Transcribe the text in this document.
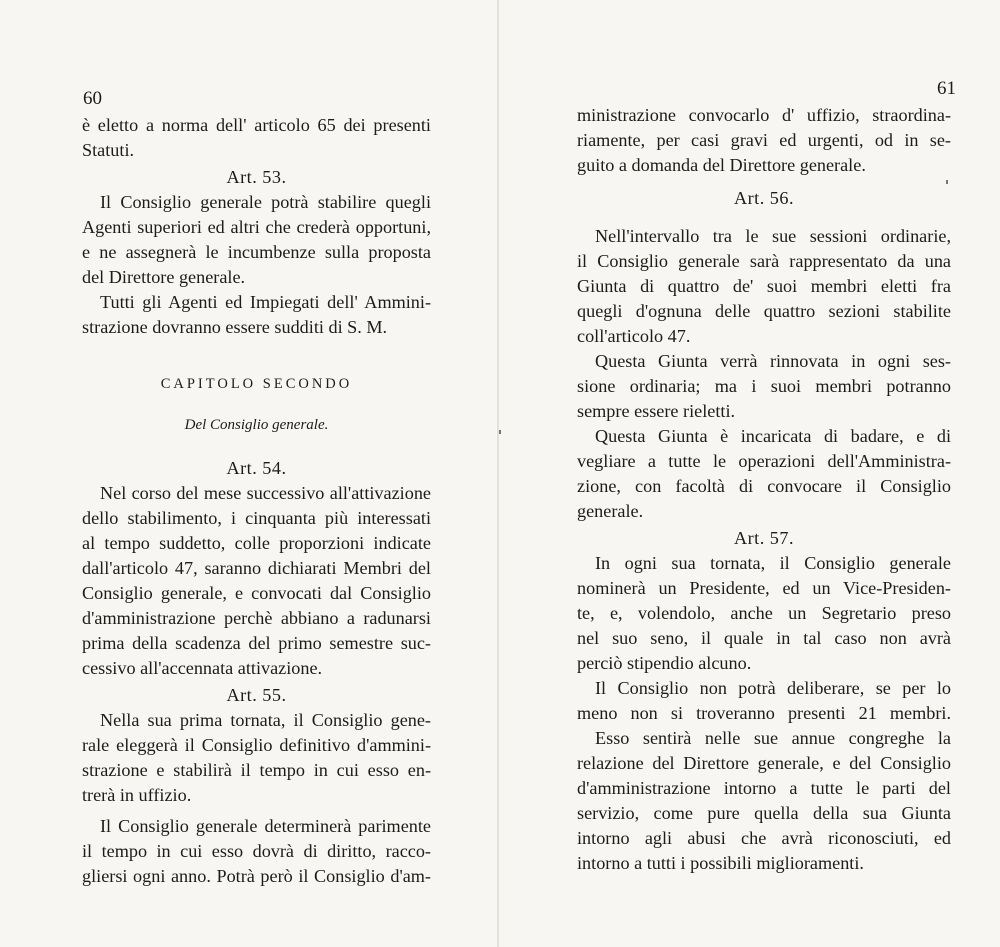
60
è eletto a norma dell' articolo 65 dei presenti
Statuti.
Art. 53.
Il Consiglio generale potrà stabilire quegli
Agenti superiori ed altri che crederà opportuni,
e ne assegnerà le incumbenze sulla proposta
del Direttore generale.
Tutti gli Agenti ed Impiegati dell' Ammini-
strazione dovranno essere sudditi di S. M.
CAPITOLO SECONDO
Del Consiglio generale.
Art. 54.
Nel corso del mese successivo all'attivazione
dello stabilimento, i cinquanta più interessati
al tempo suddetto, colle proporzioni indicate
dall'articolo 47, saranno dichiarati Membri del
Consiglio generale, e convocati dal Consiglio
d'amministrazione perchè abbiano a radunarsi
prima della scadenza del primo semestre suc-
cessivo all'accennata attivazione.
Art. 55.
Nella sua prima tornata, il Consiglio gene-
rale eleggerà il Consiglio definitivo d'ammini-
strazione e stabilirà il tempo in cui esso en-
trerà in uffizio.
Il Consiglio generale determinerà parimente
il tempo in cui esso dovrà di diritto, racco-
gliersi ogni anno. Potrà però il Consiglio d'am-
61
ministrazione convocarlo d' uffizio, straordina-
riamente, per casi gravi ed urgenti, od in se-
guito a domanda del Direttore generale.
Art. 56.
Nell'intervallo tra le sue sessioni ordinarie,
il Consiglio generale sarà rappresentato da una
Giunta di quattro de' suoi membri eletti fra
quegli d'ognuna delle quattro sezioni stabilite
coll'articolo 47.
Questa Giunta verrà rinnovata in ogni ses-
sione ordinaria; ma i suoi membri potranno
sempre essere rieletti.
Questa Giunta è incaricata di badare, e di
vegliare a tutte le operazioni dell'Amministra-
zione, con facoltà di convocare il Consiglio
generale.
Art. 57.
In ogni sua tornata, il Consiglio generale
nominerà un Presidente, ed un Vice-Presiden-
te, e, volendolo, anche un Segretario preso
nel suo seno, il quale in tal caso non avrà
perciò stipendio alcuno.
Il Consiglio non potrà deliberare, se per lo
meno non si troveranno presenti 21 membri.
Esso sentirà nelle sue annue congreghe la
relazione del Direttore generale, e del Consiglio
d'amministrazione intorno a tutte le parti del
servizio, come pure quella della sua Giunta
intorno agli abusi che avrà riconosciuti, ed
intorno a tutti i possibili miglioramenti.
